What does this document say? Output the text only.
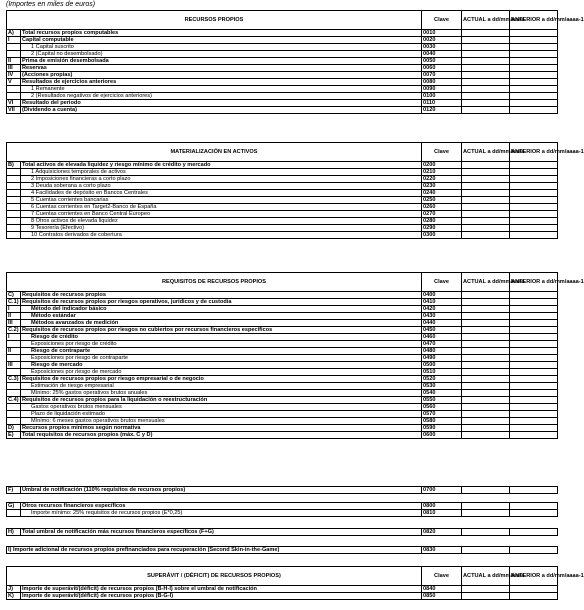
(Importes en miles de euros)
RECURSOS PROPIOS		Clave	ACTUAL a dd/mm/aaaa	ANTERIOR a dd/mm/aaaa-1
A)	Total recursos propios computables	0010		
I	Capital computable	0020		
	1 Capital suscrito	0030		
	2 (Capital no desembolsado)	0040		
II	Prima de emisión desembolsada	0050		
III	Reservas	0060		
IV	(Acciones propias)	0070		
V	Resultados de ejercicios anteriores	0080		
	1 Remanente	0090		
	2 (Resultados negativos de ejercicios anteriores)	0100		
VI	Resultado del periodo	0110		
VII	(Dividendo a cuenta)	0120		
MATERIALIZACIÓN EN ACTIVOS		Clave	ACTUAL a dd/mm/aaaa	ANTERIOR a dd/mm/aaaa-1
B)	Total activos de elevada liquidez y riesgo mínimo de crédito y mercado	0200		
	1 Adquisiciones temporales de activos	0210		
	2 Imposiciones financieras a corto plazo	0220		
	3 Deuda soberana a corto plazo	0230		
	4 Facilidades de depósito en Bancos Centrales	0240		
	5 Cuentas corrientes bancarias	0250		
	6 Cuentas corrientes en Target2-Banco de España	0260		
	7 Cuentas corrientes en Banco Central Europeo	0270		
	8 Otros activos de elevada liquidez	0280		
	9 Tesorería (Efectivo)	0290		
	10 Contratos derivados de cobertura	0300		
REQUISITOS DE RECURSOS PROPIOS		Clave	ACTUAL a dd/mm/aaaa	ANTERIOR a dd/mm/aaaa-1
C)	Requisitos de recursos propios	0400		
C.1)	Requisitos de recursos propios por riesgos operativos, jurídicos y de custodia	0410		
I	Método del indicador básico	0420		
II	Método estándar	0430		
III	Métodos avanzados de medición	0440		
C.2)	Requisitos de recursos propios por riesgos no cubiertos por recursos financieros específicos	0450		
I	Riesgo de crédito	0460		
	Exposiciones por riesgo de crédito	0470		
II	Riesgo de contraparte	0480		
	Exposiciones por riesgo de contraparte	0490		
III	Riesgo de mercado	0500		
	Exposiciones por riesgo de mercado	0510		
C.3)	Requisitos de recursos propios por riesgo empresarial o de negocio	0520		
	Estimación de riesgo empresarial	0530		
	Mínimo: 25% gastos operativos brutos anuales	0540		
C.4)	Requisitos de recursos propios para la liquidación o reestructuración	0550		
	Gastos operativos brutos mensuales	0560		
	Plazo de liquidación estimado	0570		
	Mínimo: 6 meses gastos operativos brutos mensuales	0580		
D)	Recursos propios mínimos según normativa	0590		
E)	Total requisitos de recursos propios (máx. C y D)	0600		
F)	Umbral de notificación (110% requisitos de recursos propios)	0700		
G)	Otros recursos financieros específicos	0800		
	Importe mínimo: 25% requisitos de recursos propios (E*0,25)	0810		
H)	Total umbral de notificación más recursos financieros específicos (F+G)	0820		
I) Importe adicional de recursos propios prefinanciados para recuperación (Second Skin-in-the-Game)	0830		
SUPERÁVIT / (DÉFICIT) DE RECURSOS PROPIOS)		Clave	ACTUAL a dd/mm/aaaa	ANTERIOR a dd/mm/aaaa-1
J)	Importe de superávit/(déficit) de recursos propios (B-H-I) sobre el umbral de notificación	0840		
K)	Importe de superávit/(déficit) de recursos propios (B-G-I)	0850		
